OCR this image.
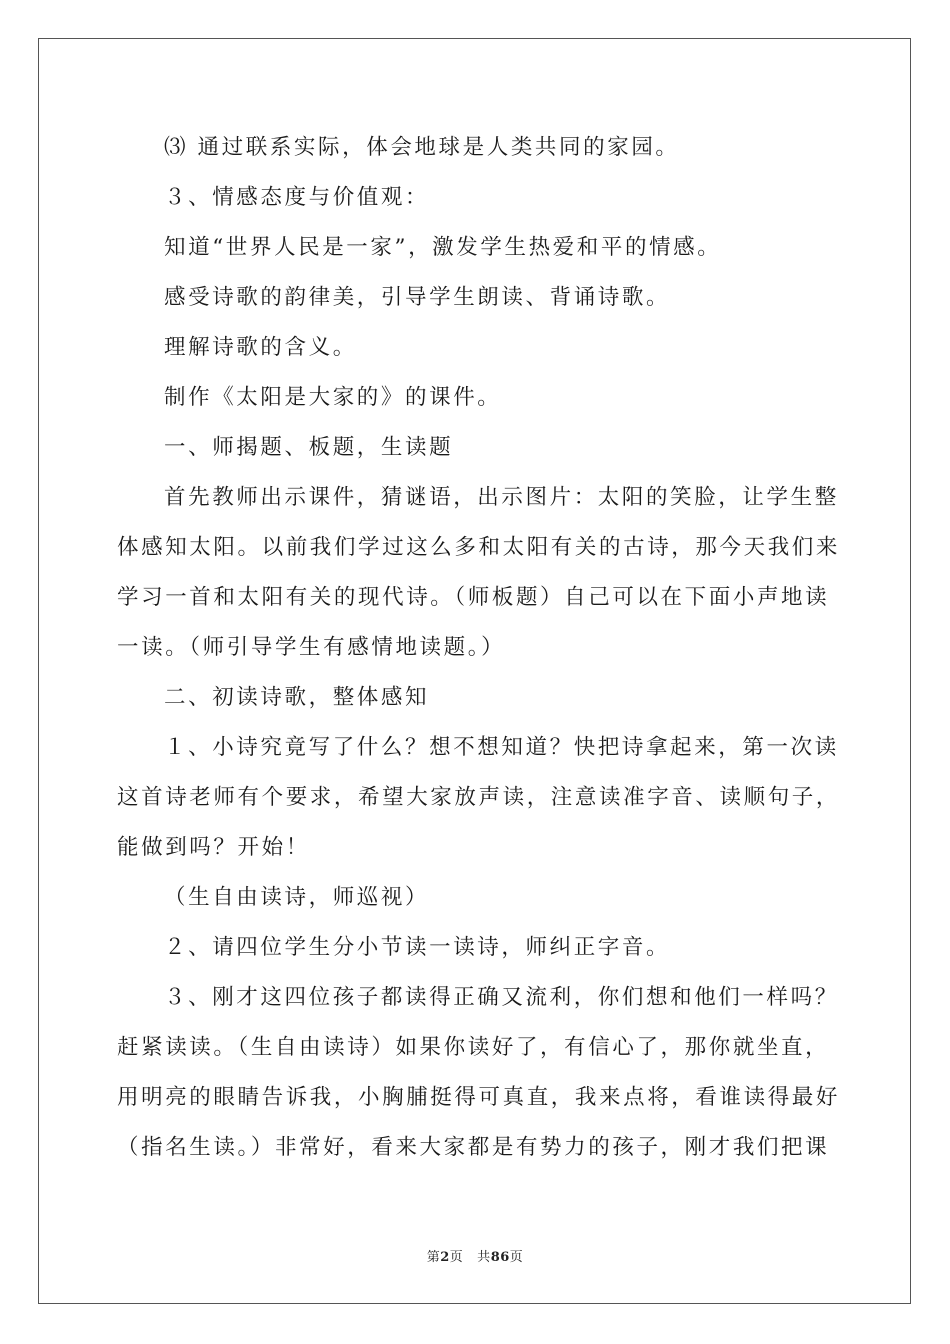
⑶ 通过联系实际，体会地球是人类共同的家园。
３、情感态度与价值观：
知道“世界人民是一家”，激发学生热爱和平的情感。
感受诗歌的韵律美，引导学生朗读、背诵诗歌。
理解诗歌的含义。
制作《太阳是大家的》的课件。
一、师揭题、板题，生读题
首先教师出示课件，猜谜语，出示图片：太阳的笑脸，让学生整
体感知太阳。以前我们学过这么多和太阳有关的古诗，那今天我们来
学习一首和太阳有关的现代诗。（师板题）自己可以在下面小声地读
一读。（师引导学生有感情地读题。）
二、初读诗歌，整体感知
１、小诗究竟写了什么？想不想知道？快把诗拿起来，第一次读
这首诗老师有个要求，希望大家放声读，注意读准字音、读顺句子，
能做到吗？开始！
（生自由读诗，师巡视）
２、请四位学生分小节读一读诗，师纠正字音。
３、刚才这四位孩子都读得正确又流利，你们想和他们一样吗？
赶紧读读。（生自由读诗）如果你读好了，有信心了，那你就坐直，
用明亮的眼睛告诉我，小胸脯挺得可真直，我来点将，看谁读得最好
（指名生读。）非常好，看来大家都是有势力的孩子，刚才我们把课
第2页 共86页
